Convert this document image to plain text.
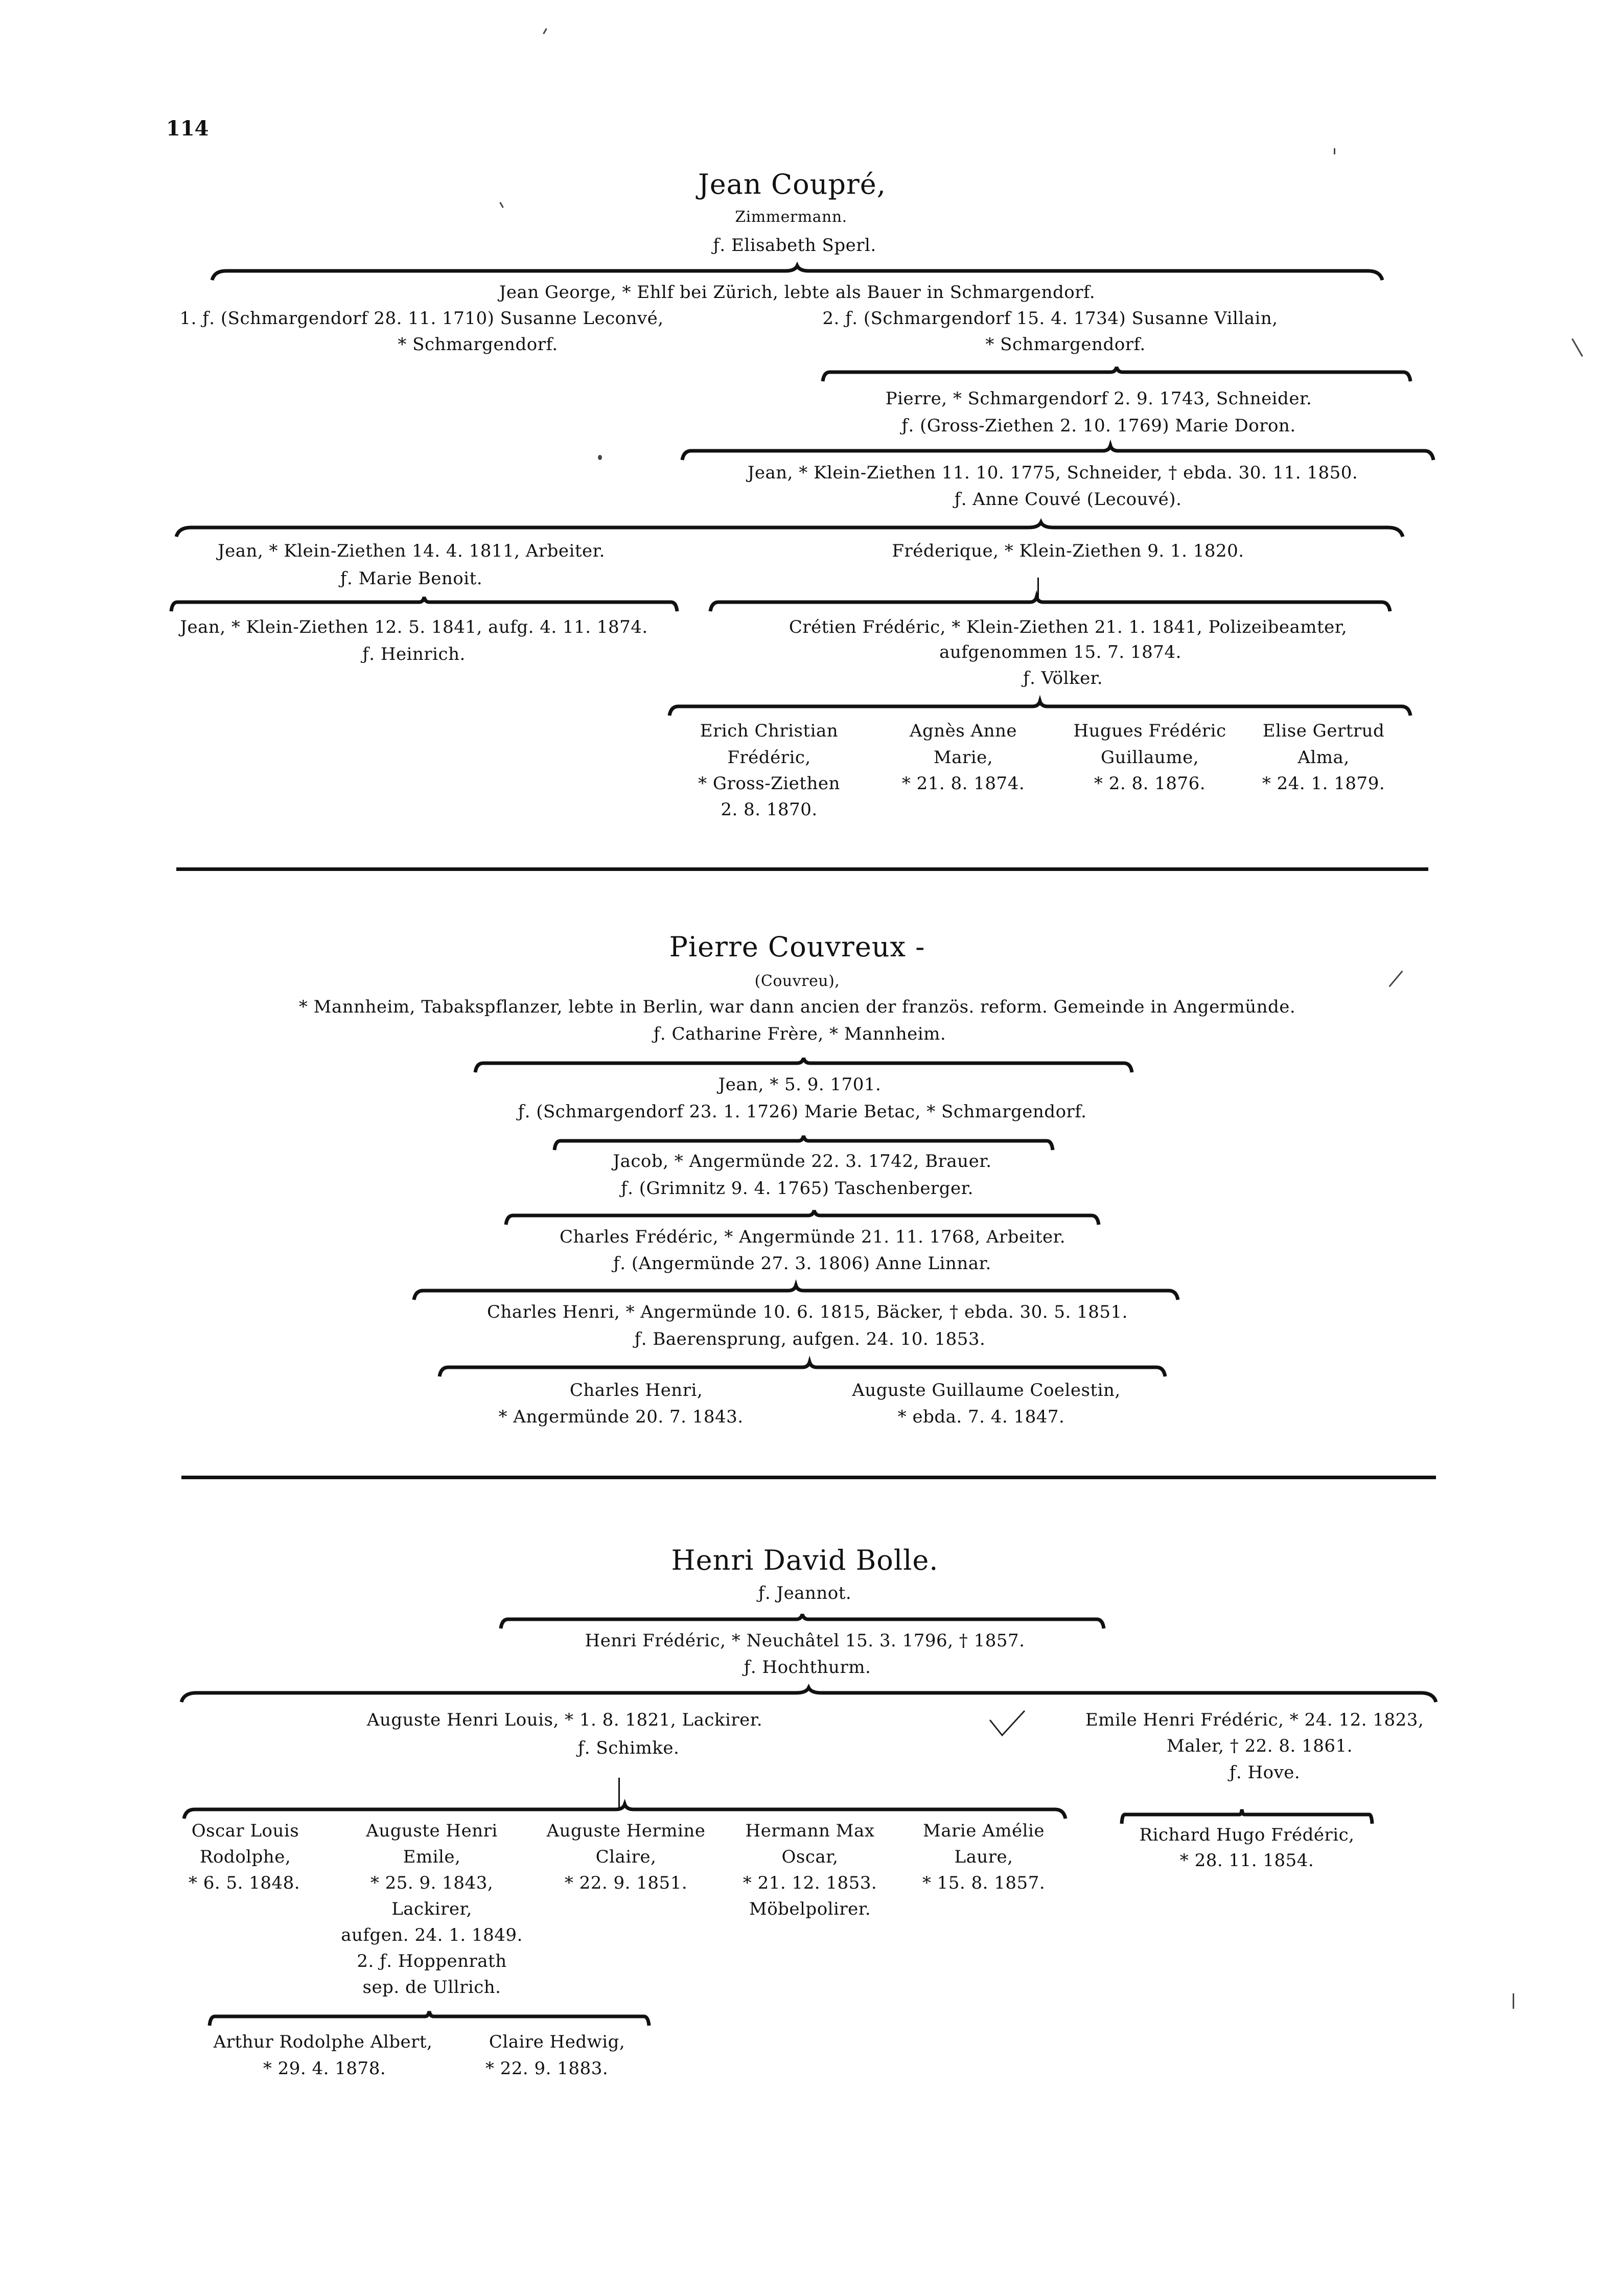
114
Jean Coupré,
Zimmermann.
ƒ. Elisabeth Sperl.
Jean George, * Ehlf bei Zürich, lebte als Bauer in Schmargendorf.
1. ƒ. (Schmargendorf 28. 11. 1710) Susanne Leconvé,
* Schmargendorf.
2. ƒ. (Schmargendorf 15. 4. 1734) Susanne Villain,
* Schmargendorf.
Pierre, * Schmargendorf 2. 9. 1743, Schneider.
ƒ. (Gross-Ziethen 2. 10. 1769) Marie Doron.
Jean, * Klein-Ziethen 11. 10. 1775, Schneider, † ebda. 30. 11. 1850.
ƒ. Anne Couvé (Lecouvé).
Jean, * Klein-Ziethen 14. 4. 1811, Arbeiter.
ƒ. Marie Benoit.
Fréderique, * Klein-Ziethen 9. 1. 1820.
Jean, * Klein-Ziethen 12. 5. 1841, aufg. 4. 11. 1874.
ƒ. Heinrich.
Crétien Frédéric, * Klein-Ziethen 21. 1. 1841, Polizeibeamter,
aufgenommen 15. 7. 1874.
ƒ. Völker.
Erich Christian
Frédéric,
* Gross-Ziethen
2. 8. 1870.
Agnès Anne
Marie,
* 21. 8. 1874.
Hugues Frédéric
Guillaume,
* 2. 8. 1876.
Elise Gertrud
Alma,
* 24. 1. 1879.
Pierre Couvreux -
(Couvreu),
* Mannheim, Tabakspflanzer, lebte in Berlin, war dann ancien der französ. reform. Gemeinde in Angermünde.
ƒ. Catharine Frère, * Mannheim.
Jean, * 5. 9. 1701.
ƒ. (Schmargendorf 23. 1. 1726) Marie Betac, * Schmargendorf.
Jacob, * Angermünde 22. 3. 1742, Brauer.
ƒ. (Grimnitz 9. 4. 1765) Taschenberger.
Charles Frédéric, * Angermünde 21. 11. 1768, Arbeiter.
ƒ. (Angermünde 27. 3. 1806) Anne Linnar.
Charles Henri, * Angermünde 10. 6. 1815, Bäcker, † ebda. 30. 5. 1851.
ƒ. Baerensprung, aufgen. 24. 10. 1853.
Charles Henri,
* Angermünde 20. 7. 1843.
Auguste Guillaume Coelestin,
* ebda. 7. 4. 1847.
Henri David Bolle.
ƒ. Jeannot.
Henri Frédéric, * Neuchâtel 15. 3. 1796, † 1857.
ƒ. Hochthurm.
Auguste Henri Louis, * 1. 8. 1821, Lackirer.
ƒ. Schimke.
Emile Henri Frédéric, * 24. 12. 1823,
Maler, † 22. 8. 1861.
ƒ. Hove.
Oscar Louis
Rodolphe,
* 6. 5. 1848.
Auguste Henri
Emile,
* 25. 9. 1843,
Lackirer,
aufgen. 24. 1. 1849.
2. ƒ. Hoppenrath
sep. de Ullrich.
Auguste Hermine
Claire,
* 22. 9. 1851.
Hermann Max
Oscar,
* 21. 12. 1853.
Möbelpolirer.
Marie Amélie
Laure,
* 15. 8. 1857.
Richard Hugo Frédéric,
* 28. 11. 1854.
Arthur Rodolphe Albert,
* 29. 4. 1878.
Claire Hedwig,
* 22. 9. 1883.
